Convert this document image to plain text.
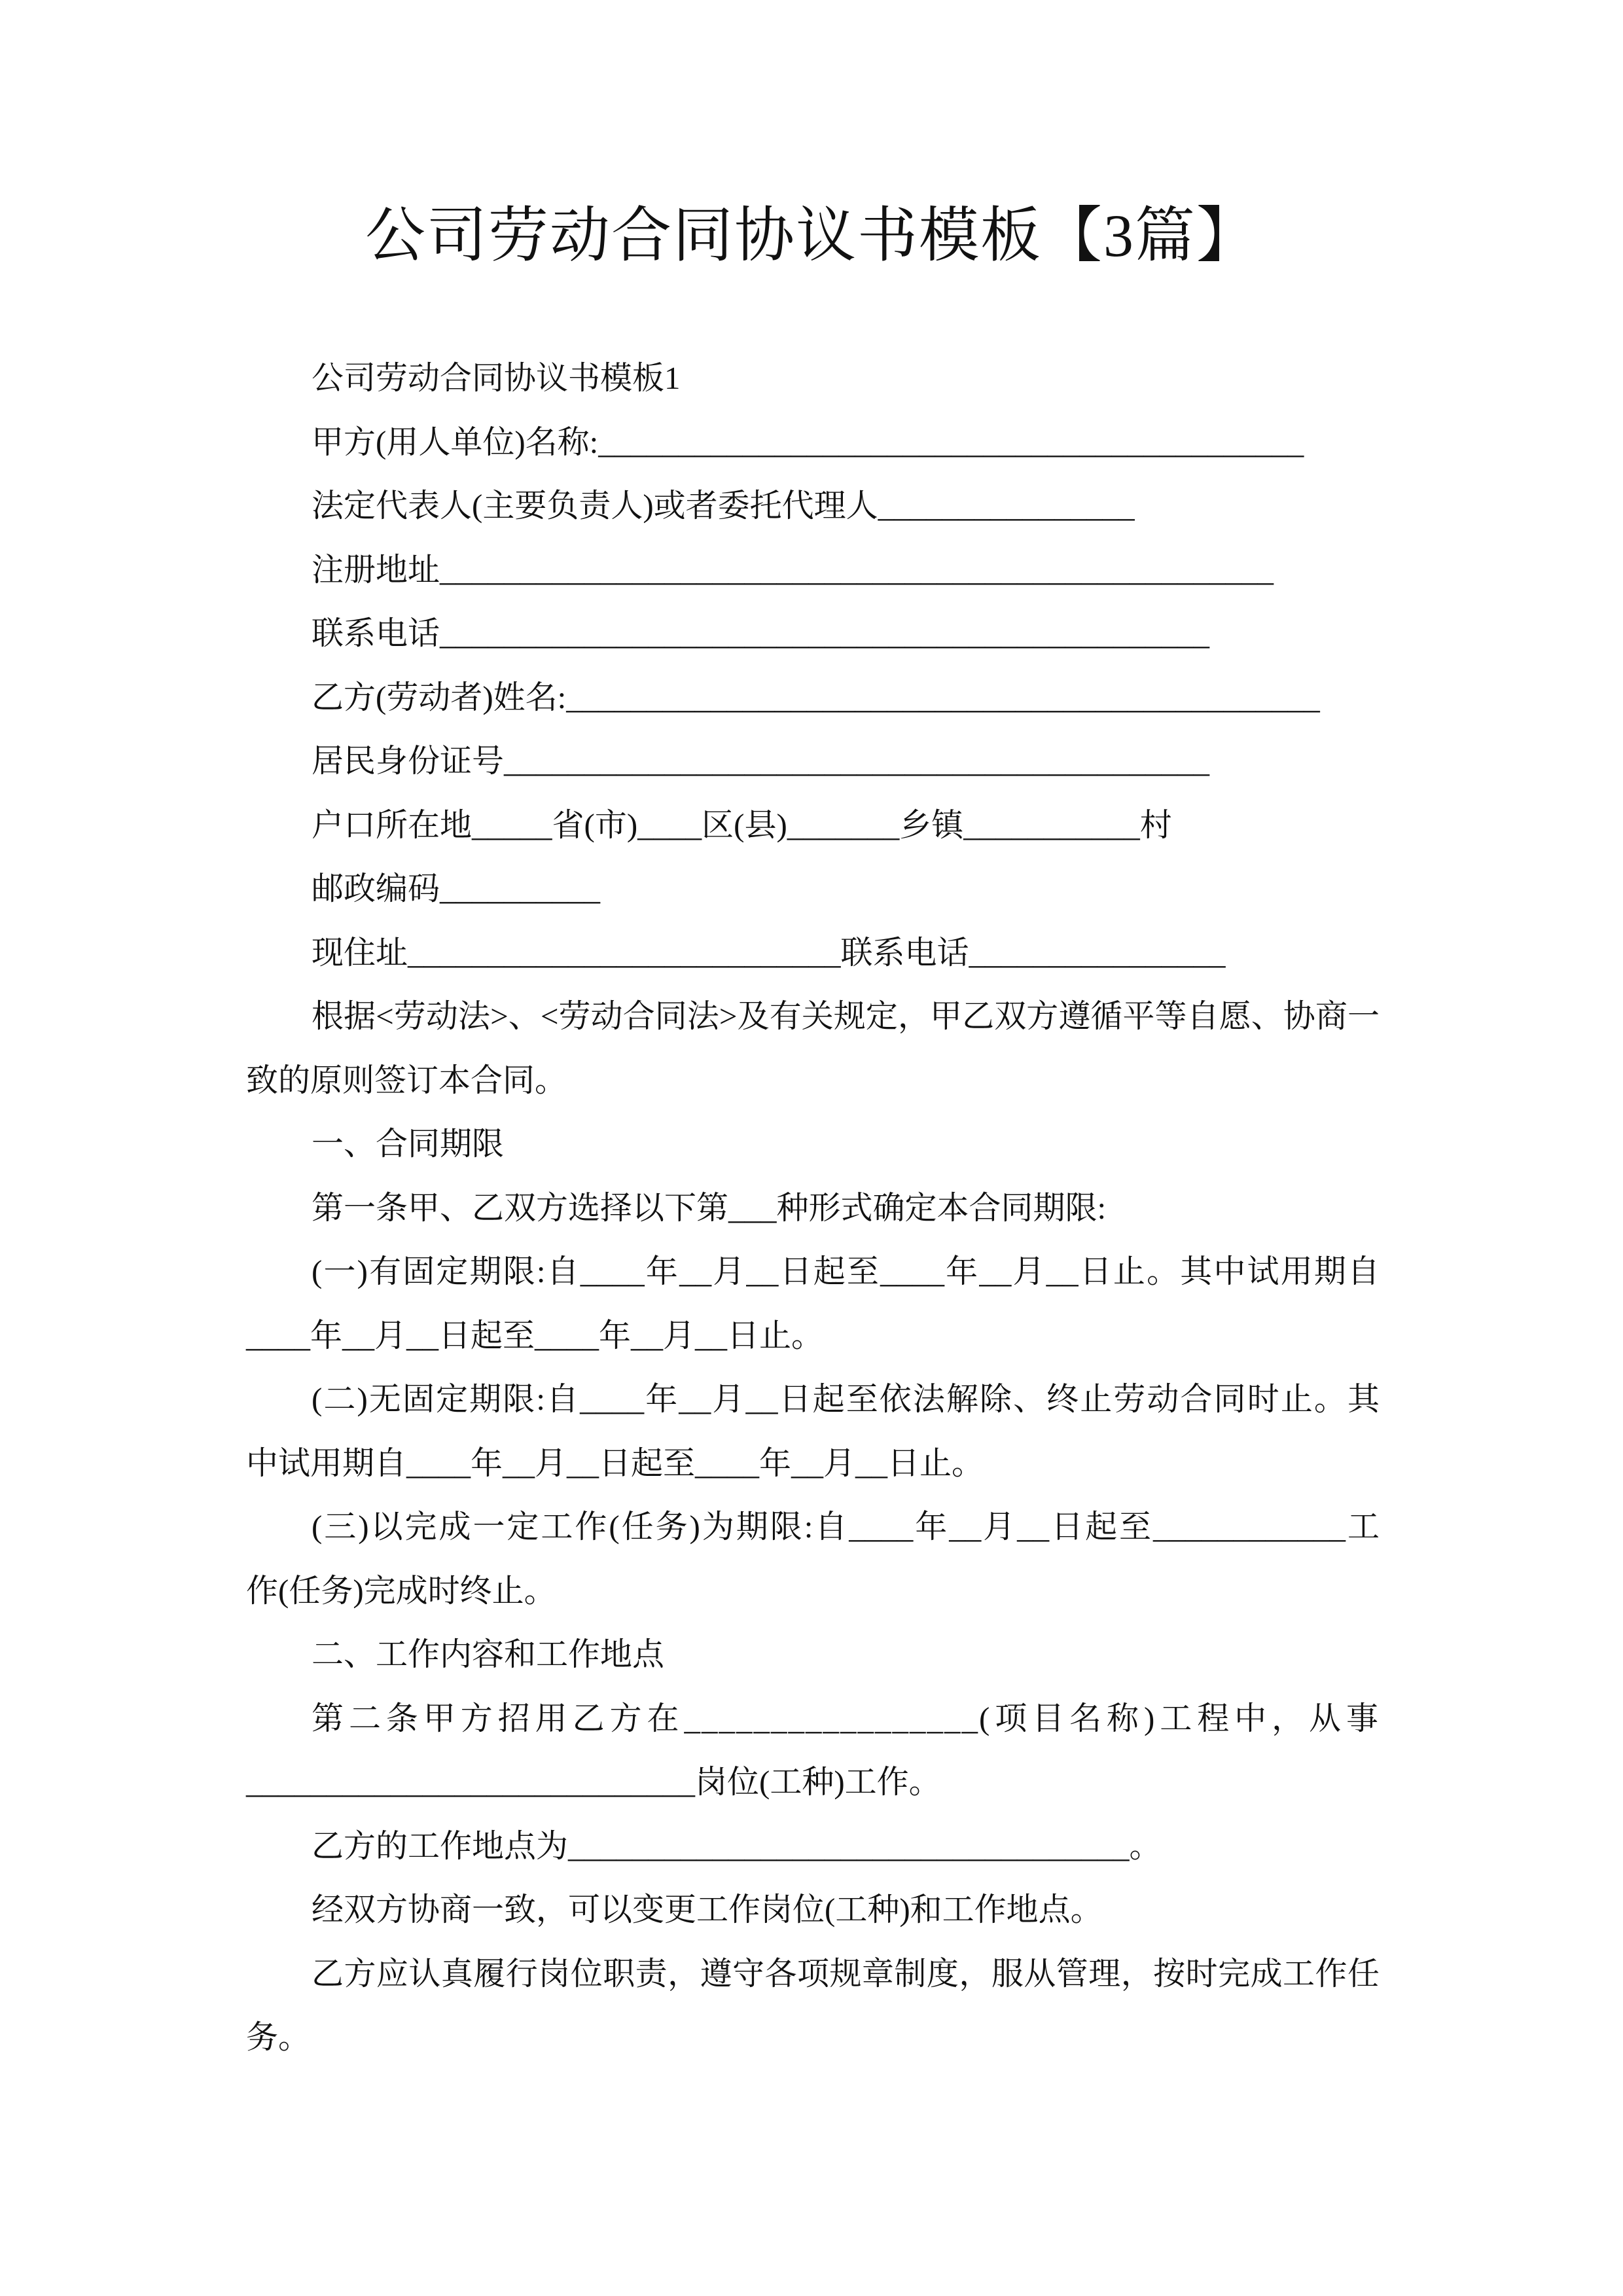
公司劳动合同协议书模板【3篇】
公司劳动合同协议书模板1
甲方(用人单位)名称:____________________________________________
法定代表人(主要负责人)或者委托代理人________________
注册地址____________________________________________________
联系电话________________________________________________
乙方(劳动者)姓名:_______________________________________________
居民身份证号____________________________________________
户口所在地_____省(市)____区(县)_______乡镇___________村
邮政编码__________
现住址___________________________联系电话________________
根据<劳动法>、<劳动合同法>及有关规定，甲乙双方遵循平等自愿、协商一
致的原则签订本合同。
一、合同期限
第一条甲、乙双方选择以下第___种形式确定本合同期限:
(一)有固定期限:自____年__月__日起至____年__月__日止。其中试用期自
____年__月__日起至____年__月__日止。
(二)无固定期限:自____年__月__日起至依法解除、终止劳动合同时止。其
中试用期自____年__月__日起至____年__月__日止。
(三)以完成一定工作(任务)为期限:自____年__月__日起至____________工
作(任务)完成时终止。
二、工作内容和工作地点
第二条甲方招用乙方在_________________(项目名称)工程中，从事
____________________________岗位(工种)工作。
乙方的工作地点为___________________________________。
经双方协商一致，可以变更工作岗位(工种)和工作地点。
乙方应认真履行岗位职责，遵守各项规章制度，服从管理，按时完成工作任
务。
